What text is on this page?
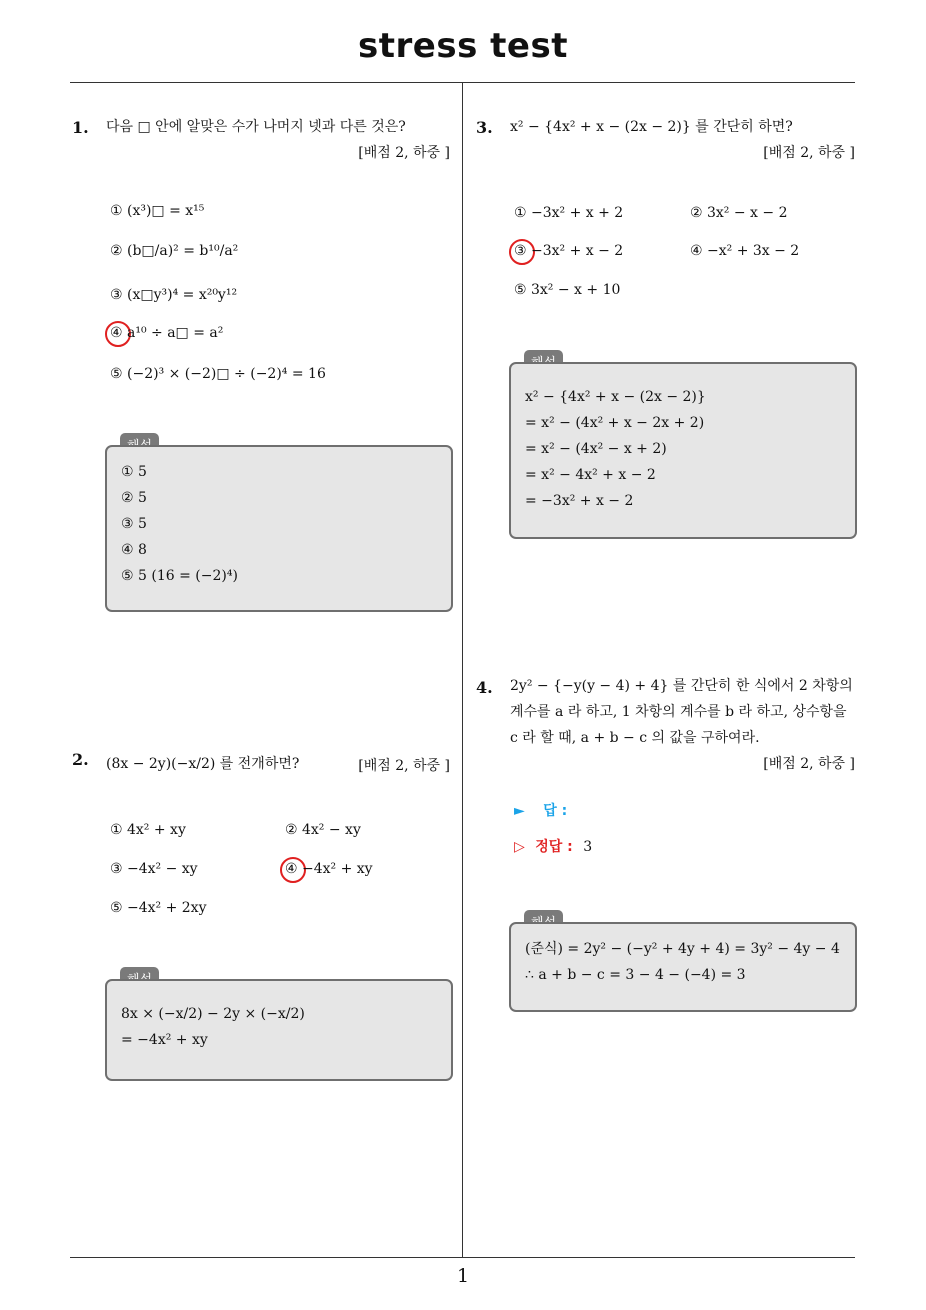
stress test
1
1. 다음 □ 안에 알맞은 수가 나머지 넷과 다른 것은?
[배점 2, 하중 ]
① (x³)□ = x¹⁵
② (b□/a)² = b¹⁰/a²
③ (x□y³)⁴ = x²⁰y¹²
④ a¹⁰ ÷ a□ = a²
⑤ (−2)³ × (−2)□ ÷ (−2)⁴ = 16
① 5
② 5
③ 5
④ 8
⑤ 5 (16 = (−2)⁴)
2. (8x − 2y)(−x/2) 를 전개하면?	[배점 2, 하중 ]
① 4x² + xy	② 4x² − xy
③ −4x² − xy	④ −4x² + xy
⑤ −4x² + 2xy
8x × (−x/2) − 2y × (−x/2)
= −4x² + xy
3. x² − {4x² + x − (2x − 2)} 를 간단히 하면?
[배점 2, 하중 ]
① −3x² + x + 2	② 3x² − x − 2
③ −3x² + x − 2	④ −x² + 3x − 2
⑤ 3x² − x + 10
x² − {4x² + x − (2x − 2)}
= x² − (4x² + x − 2x + 2)
= x² − (4x² − x + 2)
= x² − 4x² + x − 2
= −3x² + x − 2
4. 2y² − {−y(y − 4) + 4} 를 간단히 한 식에서 2 차항의
계수를 a 라 하고, 1 차항의 계수를 b 라 하고, 상수항을
c 라 할 때, a + b − c 의 값을 구하여라.
[배점 2, 하중 ]
► 답 :
▷ 정답 : 3
(준식) = 2y² − (−y² + 4y + 4) = 3y² − 4y − 4
∴ a + b − c = 3 − 4 − (−4) = 3
